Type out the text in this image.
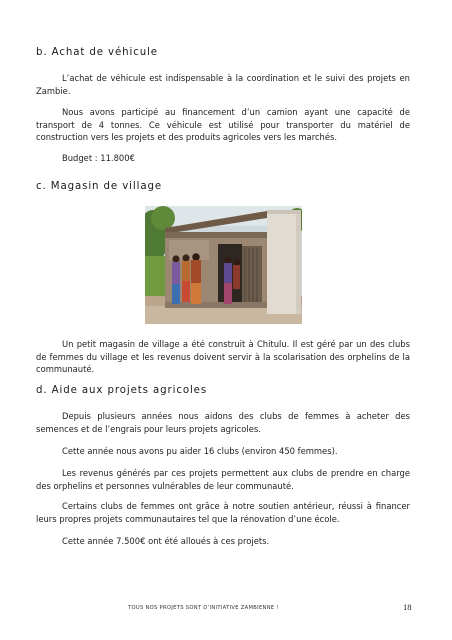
b. Achat de véhicule

L’achat de véhicule est indispensable à la coordination et le suivi des projets en Zambie.

Nous avons participé au financement d’un camion ayant une capacité de transport de 4 tonnes. Ce véhicule est utilisé pour transporter du matériel de construction vers les projets et des produits agricoles vers les marchés.

Budget : 11.800€

c. Magasin de village

Un petit magasin de village a été construit à Chitulu. Il est géré par un des clubs de femmes du village et les revenus doivent servir à la scolarisation des orphelins de la communauté.

d. Aide aux projets agricoles

Depuis plusieurs années nous aidons des clubs de femmes à acheter des semences et de l’engrais pour leurs projets agricoles.

Cette année nous avons pu aider 16 clubs (environ 450 femmes).

Les revenus générés par ces projets permettent aux clubs de prendre en charge des orphelins et personnes vulnérables de leur communauté.

Certains clubs de femmes ont grâce à notre soutien antérieur, réussi à financer leurs propres projets communautaires tel que la rénovation d’une école.

Cette année 7.500€ ont été alloués à ces projets.

TOUS NOS PROJETS SONT D’INITIATIVE ZAMBIENNE !	18
